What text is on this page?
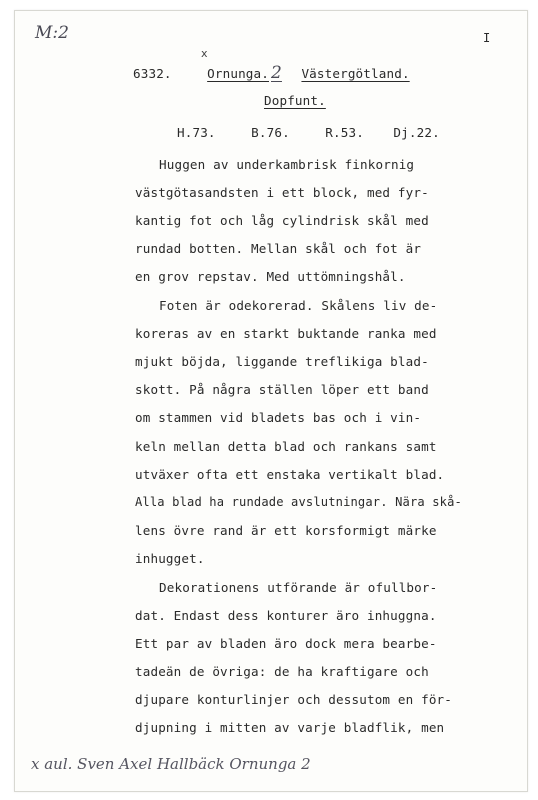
M:2	I
6332.	Ornunga. 2 Västergötland.
x
Dopfunt.
H.73.	B.76.	R.53. Dj.22.
Huggen av underkambrisk finkornig
västgötasandsten i ett block, med fyr-
kantig fot och låg cylindrisk skål med
rundad botten. Mellan skål och fot är
en grov repstav. Med uttömningshål.
Foten är odekorerad. Skålens liv de-
koreras av en starkt buktande ranka med
mjukt böjda, liggande treflikiga blad-
skott. På några ställen löper ett band
om stammen vid bladets bas och i vin-
keln mellan detta blad och rankans samt
utväxer ofta ett enstaka vertikalt blad.
Alla blad ha rundade avslutningar. Nära skå-
lens övre rand är ett korsformigt märke
inhugget.
Dekorationens utförande är ofullbor-
dat. Endast dess konturer äro inhuggna.
Ett par av bladen äro dock mera bearbe-
tadeän de övriga: de ha kraftigare och
djupare konturlinjer och dessutom en för-
djupning i mitten av varje bladflik, men
x aul. Sven Axel Hallbäck Ornunga 2
